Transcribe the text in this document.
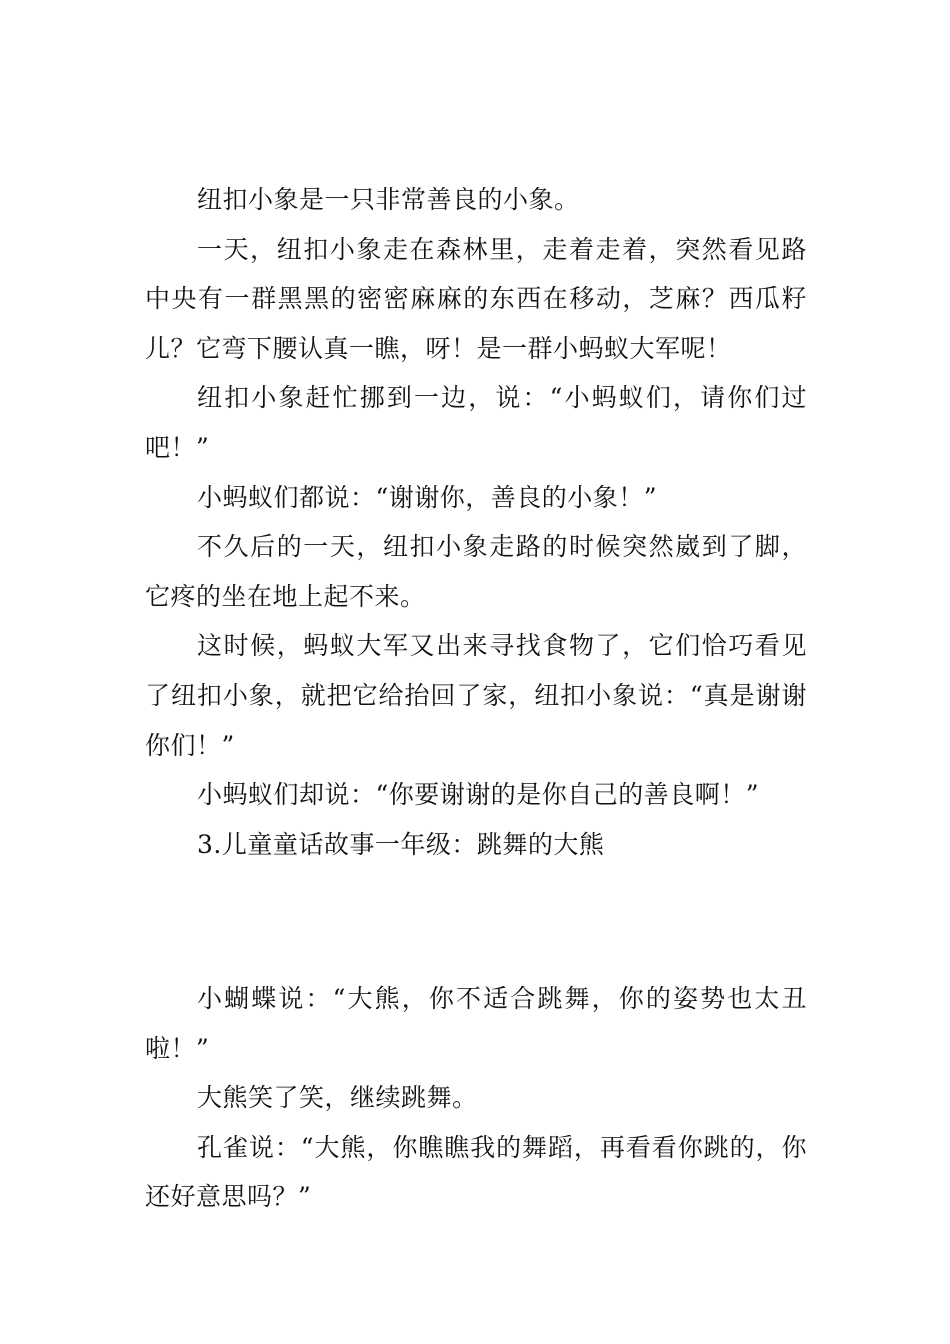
纽扣小象是一只非常善良的小象。

一天，纽扣小象走在森林里，走着走着，突然看见路中央有一群黑黑的密密麻麻的东西在移动，芝麻？西瓜籽儿？它弯下腰认真一瞧，呀！是一群小蚂蚁大军呢！

纽扣小象赶忙挪到一边，说：“小蚂蚁们，请你们过吧！”

小蚂蚁们都说：“谢谢你，善良的小象！”

不久后的一天，纽扣小象走路的时候突然崴到了脚，它疼的坐在地上起不来。

这时候，蚂蚁大军又出来寻找食物了，它们恰巧看见了纽扣小象，就把它给抬回了家，纽扣小象说：“真是谢谢你们！”

小蚂蚁们却说：“你要谢谢的是你自己的善良啊！”

3.儿童童话故事一年级：跳舞的大熊

小蝴蝶说：“大熊，你不适合跳舞，你的姿势也太丑啦！”

大熊笑了笑，继续跳舞。

孔雀说：“大熊，你瞧瞧我的舞蹈，再看看你跳的，你还好意思吗？”
